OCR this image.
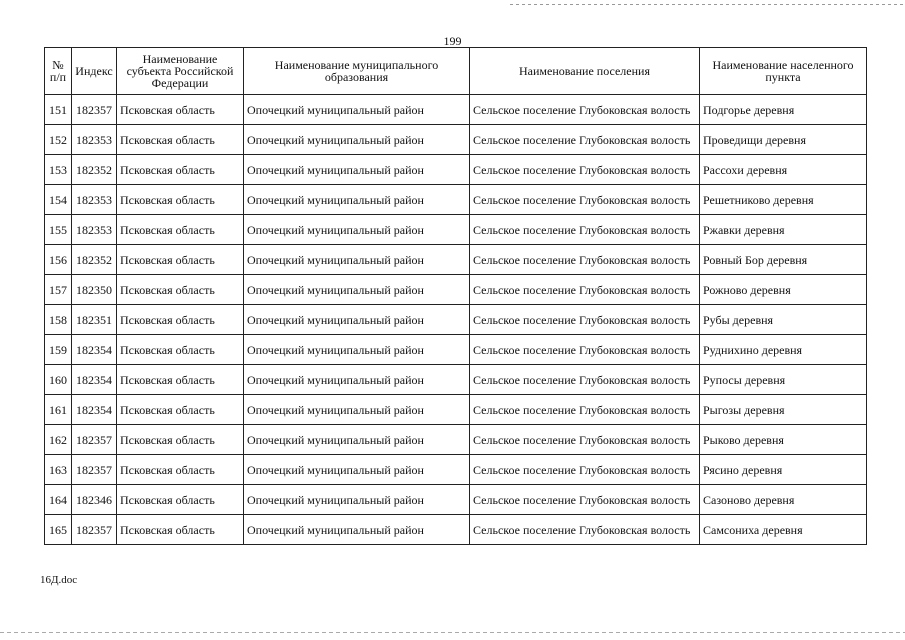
199
№ п/п	Индекс	Наименование субъекта Российской Федерации	Наименование муниципального образования	Наименование поселения	Наименование населенного пункта
151	182357	Псковская область	Опочецкий муниципальный район	Сельское поселение Глубоковская волость	Подгорье деревня
152	182353	Псковская область	Опочецкий муниципальный район	Сельское поселение Глубоковская волость	Проведищи деревня
153	182352	Псковская область	Опочецкий муниципальный район	Сельское поселение Глубоковская волость	Рассохи деревня
154	182353	Псковская область	Опочецкий муниципальный район	Сельское поселение Глубоковская волость	Решетниково деревня
155	182353	Псковская область	Опочецкий муниципальный район	Сельское поселение Глубоковская волость	Ржавки деревня
156	182352	Псковская область	Опочецкий муниципальный район	Сельское поселение Глубоковская волость	Ровный Бор деревня
157	182350	Псковская область	Опочецкий муниципальный район	Сельское поселение Глубоковская волость	Рожново деревня
158	182351	Псковская область	Опочецкий муниципальный район	Сельское поселение Глубоковская волость	Рубы деревня
159	182354	Псковская область	Опочецкий муниципальный район	Сельское поселение Глубоковская волость	Руднихино деревня
160	182354	Псковская область	Опочецкий муниципальный район	Сельское поселение Глубоковская волость	Рупосы деревня
161	182354	Псковская область	Опочецкий муниципальный район	Сельское поселение Глубоковская волость	Рыгозы деревня
162	182357	Псковская область	Опочецкий муниципальный район	Сельское поселение Глубоковская волость	Рыково деревня
163	182357	Псковская область	Опочецкий муниципальный район	Сельское поселение Глубоковская волость	Рясино деревня
164	182346	Псковская область	Опочецкий муниципальный район	Сельское поселение Глубоковская волость	Сазоново деревня
165	182357	Псковская область	Опочецкий муниципальный район	Сельское поселение Глубоковская волость	Самсониха деревня
16Д.doc
